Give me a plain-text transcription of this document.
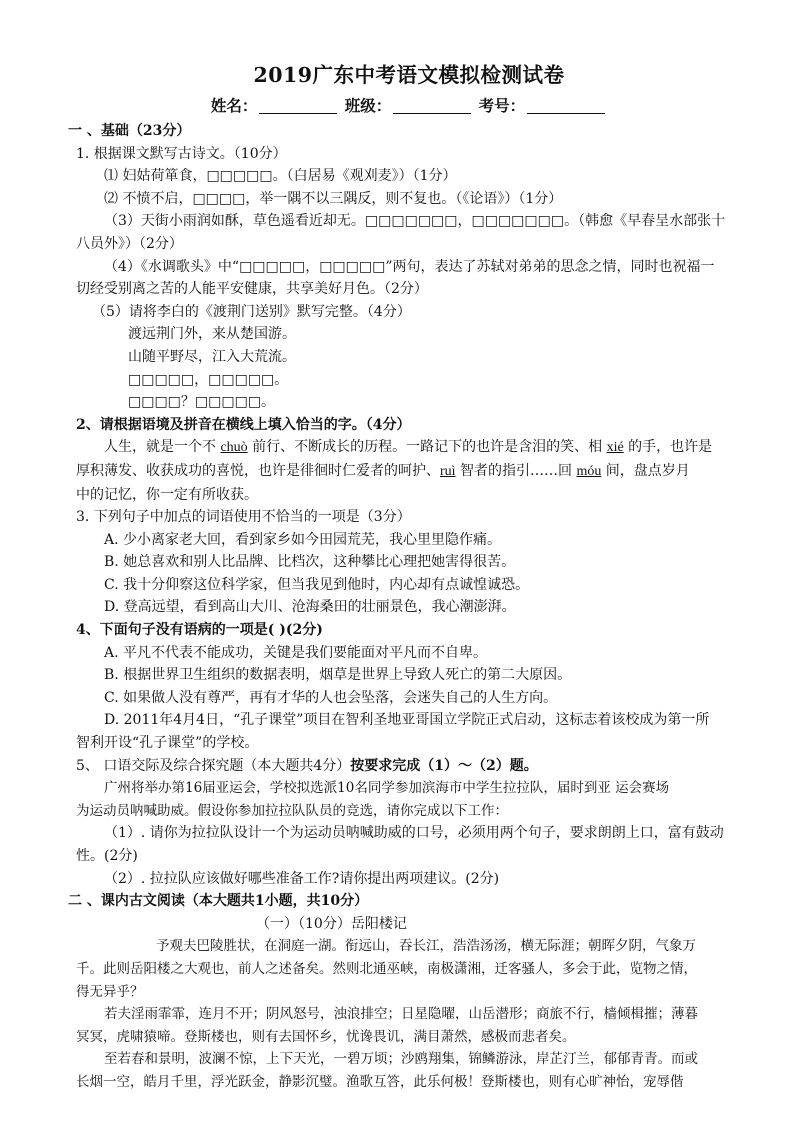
2019广东中考语文模拟检测试卷
姓名：	班级：	考号：

一 、基础（23分）

1. 根据课文默写古诗文。（10分）

⑴ 妇姑荷箪食，□□□□□。（白居易《观刈麦》）（1分）

⑵ 不愤不启，□□□□，举一隅不以三隅反，则不复也。（《论语》）（1分）

（3）天街小雨润如酥，草色遥看近却无。□□□□□□□，□□□□□□□。（韩愈《早春呈水部张十

八员外》）（2分）

（4）《水调歌头》中“□□□□□，□□□□□”两句，表达了苏轼对弟弟的思念之情，同时也祝福一

切经受别离之苦的人能平安健康，共享美好月色。（2分）

（5）请将李白的《渡荆门送别》默写完整。（4分）

渡远荆门外，来从楚国游。

山随平野尽，江入大荒流。

□□□□□，□□□□□。

□□□□？□□□□□。

2、请根据语境及拼音在横线上填入恰当的字。（4分）

人生，就是一个不 chuò 前行、不断成长的历程。一路记下的也许是含泪的笑、相 xié 的手，也许是

厚积薄发、收获成功的喜悦，也许是徘徊时仁爱者的呵护、ruì 智者的指引……回 móu 间，盘点岁月

中的记忆，你一定有所收获。

3. 下列句子中加点的词语使用不恰当的一项是（3分）

A. 少小离家老大回，看到家乡如今田园荒芜，我心里里隐作痛。

B. 她总喜欢和别人比品牌、比档次，这种攀比心理把她害得很苦。

C. 我十分仰察这位科学家，但当我见到他时，内心却有点诚惶诚恐。

D. 登高远望，看到高山大川、沧海桑田的壮丽景色，我心潮澎湃。

4、下面句子没有语病的一项是( )(2分)

A. 平凡不代表不能成功，关键是我们要能面对平凡而不自卑。

B. 根据世界卫生组织的数据表明，烟草是世界上导致人死亡的第二大原因。

C. 如果做人没有尊严，再有才华的人也会坠落，会迷失自己的人生方向。

D. 2011年4月4日，“孔子课堂”项目在智利圣地亚哥国立学院正式启动，这标志着该校成为第一所

智利开设“孔子课堂”的学校。

5、 口语交际及综合探究题（本大题共4分）按要求完成（1）～（2）题。

广州将举办第16届亚运会，学校拟选派10名同学参加滨海市中学生拉拉队，届时到亚 运会赛场

为运动员呐喊助威。假设你参加拉拉队队员的竞选，请你完成以下工作：

（1）. 请你为拉拉队设计一个为运动员呐喊助威的口号，必须用两个句子，要求朗朗上口，富有鼓动

性。(2分)

（2）. 拉拉队应该做好哪些准备工作?请你提出两项建议。(2分)

二 、课内古文阅读（本大题共1小题，共10分）

（一）（10分）岳阳楼记

予观夫巴陵胜状，在洞庭一湖。衔远山，吞长江，浩浩汤汤，横无际涯；朝晖夕阴，气象万

千。此则岳阳楼之大观也，前人之述备矣。然则北通巫峡，南极潇湘，迁客骚人，多会于此，览物之情，

得无异乎？

若夫淫雨霏霏，连月不开；阴风怒号，浊浪排空；日星隐曜，山岳潜形；商旅不行，樯倾楫摧；薄暮

冥冥，虎啸猿啼。登斯楼也，则有去国怀乡，忧谗畏讥，满目萧然，感极而悲者矣。

至若春和景明，波澜不惊，上下天光，一碧万顷；沙鸥翔集，锦鳞游泳，岸芷汀兰，郁郁青青。而或

长烟一空，皓月千里，浮光跃金，静影沉璧。渔歌互答，此乐何极！登斯楼也，则有心旷神怡，宠辱偕
